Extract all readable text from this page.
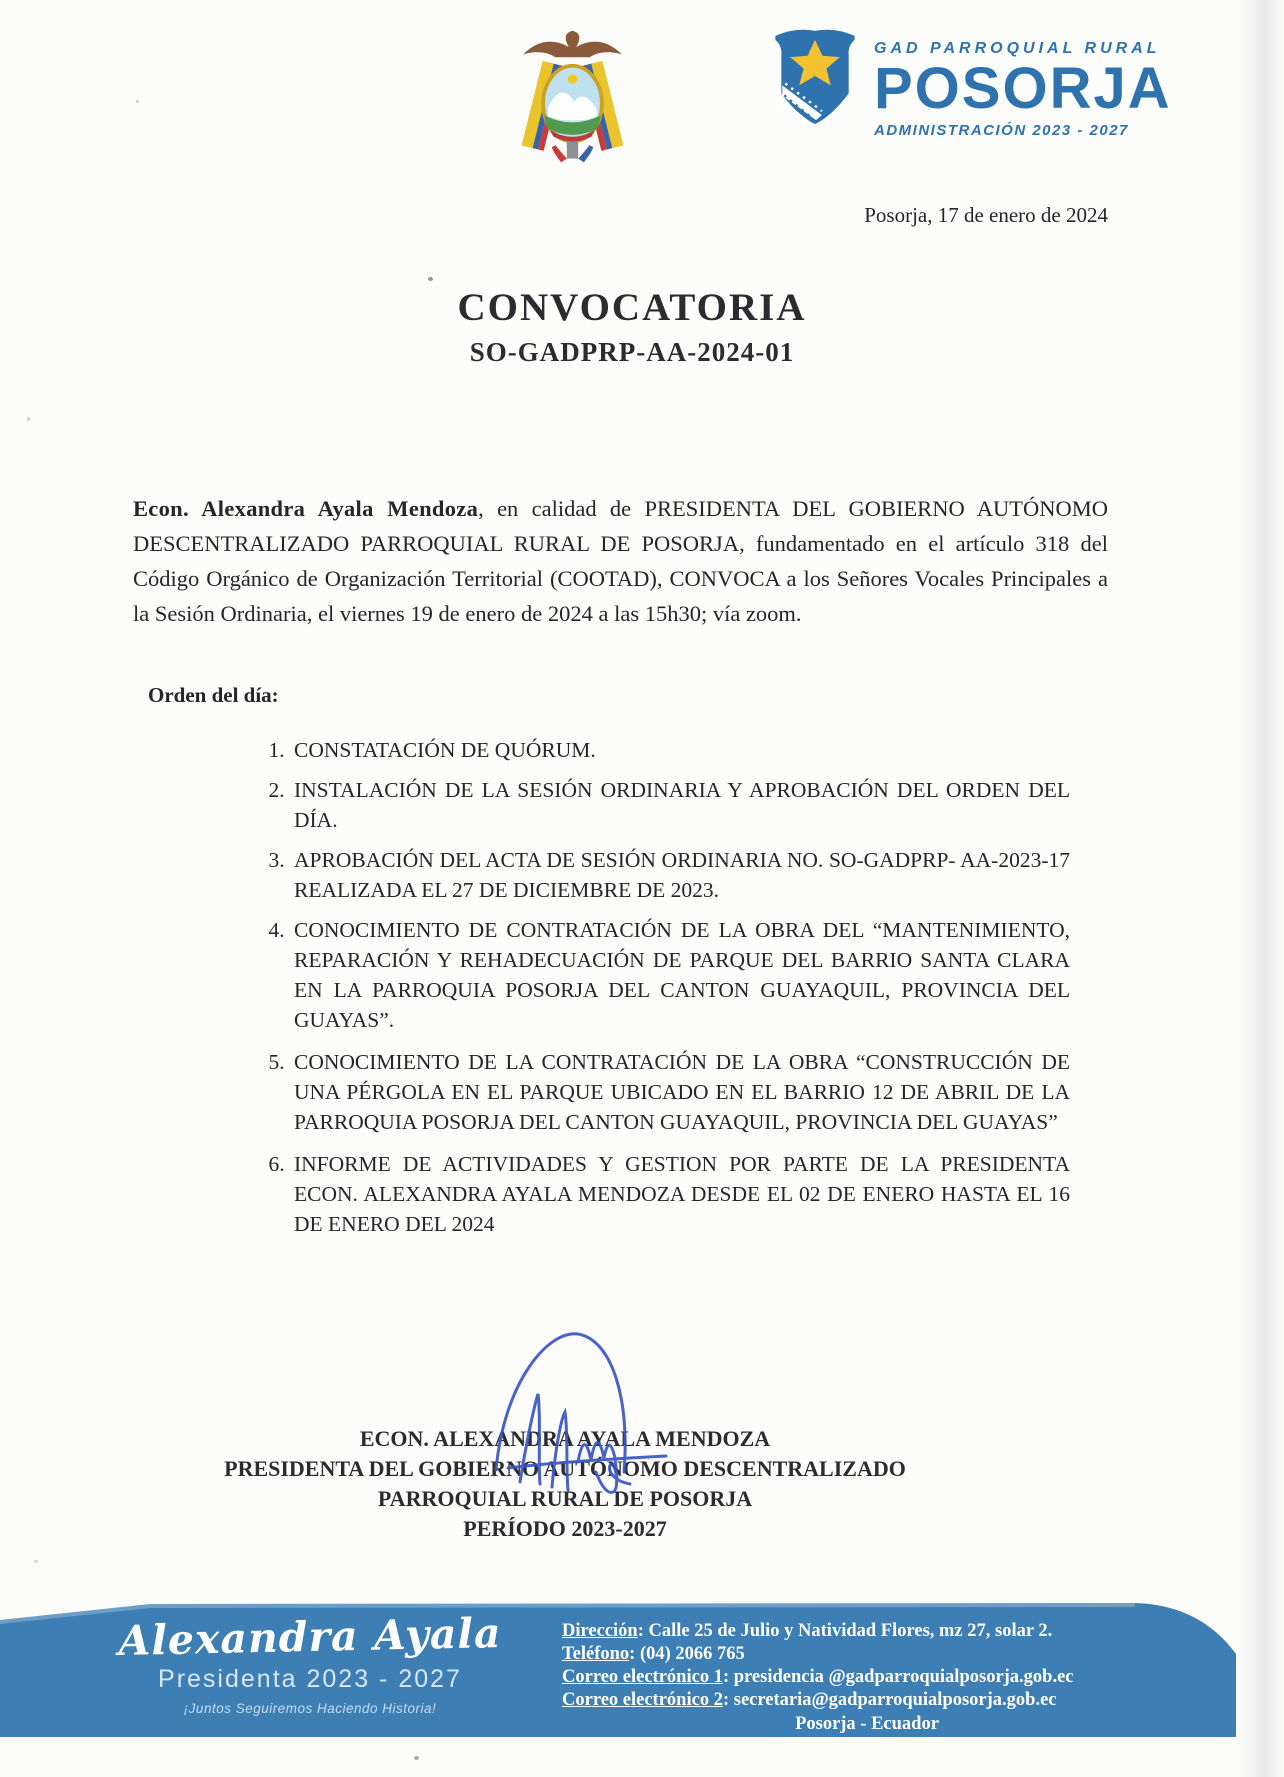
GAD PARROQUIAL RURAL
POSORJA
ADMINISTRACIÓN 2023 - 2027
Posorja, 17 de enero de 2024
CONVOCATORIA
SO-GADPRP-AA-2024-01

Econ. Alexandra Ayala Mendoza, en calidad de PRESIDENTA DEL GOBIERNO AUTÓNOMO DESCENTRALIZADO PARROQUIAL RURAL DE POSORJA, fundamentado en el artículo 318 del Código Orgánico de Organización Territorial (COOTAD), CONVOCA a los Señores Vocales Principales a la Sesión Ordinaria, el viernes 19 de enero de 2024 a las 15h30; vía zoom.

Orden del día:
1. CONSTATACIÓN DE QUÓRUM.
2. INSTALACIÓN DE LA SESIÓN ORDINARIA Y APROBACIÓN DEL ORDEN DEL DÍA.
3. APROBACIÓN DEL ACTA DE SESIÓN ORDINARIA NO. SO-GADPRP- AA-2023-17 REALIZADA EL 27 DE DICIEMBRE DE 2023.
4. CONOCIMIENTO DE CONTRATACIÓN DE LA OBRA DEL “MANTENIMIENTO, REPARACIÓN Y REHADECUACIÓN DE PARQUE DEL BARRIO SANTA CLARA EN LA PARROQUIA POSORJA DEL CANTON GUAYAQUIL, PROVINCIA DEL GUAYAS”.
5. CONOCIMIENTO DE LA CONTRATACIÓN DE LA OBRA “CONSTRUCCIÓN DE UNA PÉRGOLA EN EL PARQUE UBICADO EN EL BARRIO 12 DE ABRIL DE LA PARROQUIA POSORJA DEL CANTON GUAYAQUIL, PROVINCIA DEL GUAYAS”
6. INFORME DE ACTIVIDADES Y GESTION POR PARTE DE LA PRESIDENTA ECON. ALEXANDRA AYALA MENDOZA DESDE EL 02 DE ENERO HASTA EL 16 DE ENERO DEL 2024
ECON. ALEXANDRA AYALA MENDOZA
PRESIDENTA DEL GOBIERNO AUTÓNOMO DESCENTRALIZADO
PARROQUIAL RURAL DE POSORJA
PERÍODO 2023-2027
Alexandra Ayala
Presidenta 2023 - 2027
¡Juntos Seguiremos Haciendo Historia!
Dirección: Calle 25 de Julio y Natividad Flores, mz 27, solar 2.
Teléfono: (04) 2066 765
Correo electrónico 1: presidencia @gadparroquialposorja.gob.ec
Correo electrónico 2: secretaria@gadparroquialposorja.gob.ec
Posorja - Ecuador
